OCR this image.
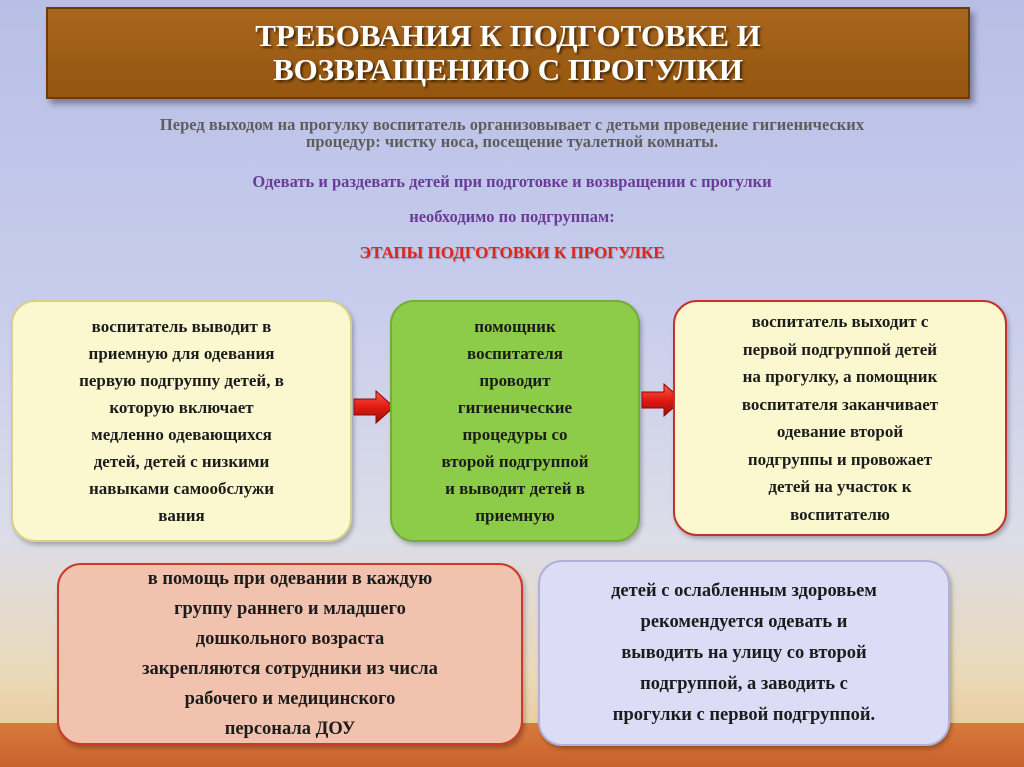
ТРЕБОВАНИЯ К ПОДГОТОВКЕ И
ВОЗВРАЩЕНИЮ С ПРОГУЛКИ
Перед выходом на прогулку воспитатель организовывает с детьми проведение гигиенических
процедур: чистку носа, посещение туалетной комнаты.
Одевать и раздевать детей при подготовке и возвращении с прогулки
необходимо по подгруппам:
ЭТАПЫ ПОДГОТОВКИ К ПРОГУЛКЕ
воспитатель выводит в
приемную для одевания
первую подгруппу детей, в
которую включает
медленно одевающихся
детей, детей с низкими
навыками самообслужи
вания
помощник
воспитателя
проводит
гигиенические
процедуры со
второй подгруппой
и выводит детей в
приемную
воспитатель выходит с
первой подгруппой детей
на прогулку, а помощник
воспитателя заканчивает
одевание второй
подгруппы и провожает
детей на участок к
воспитателю
в помощь при одевании в каждую
группу раннего и младшего
дошкольного возраста
закрепляются сотрудники из числа
рабочего и медицинского
персонала ДОУ
детей с ослабленным здоровьем
рекомендуется одевать и
выводить на улицу со второй
подгруппой, а заводить с
прогулки с первой подгруппой.
